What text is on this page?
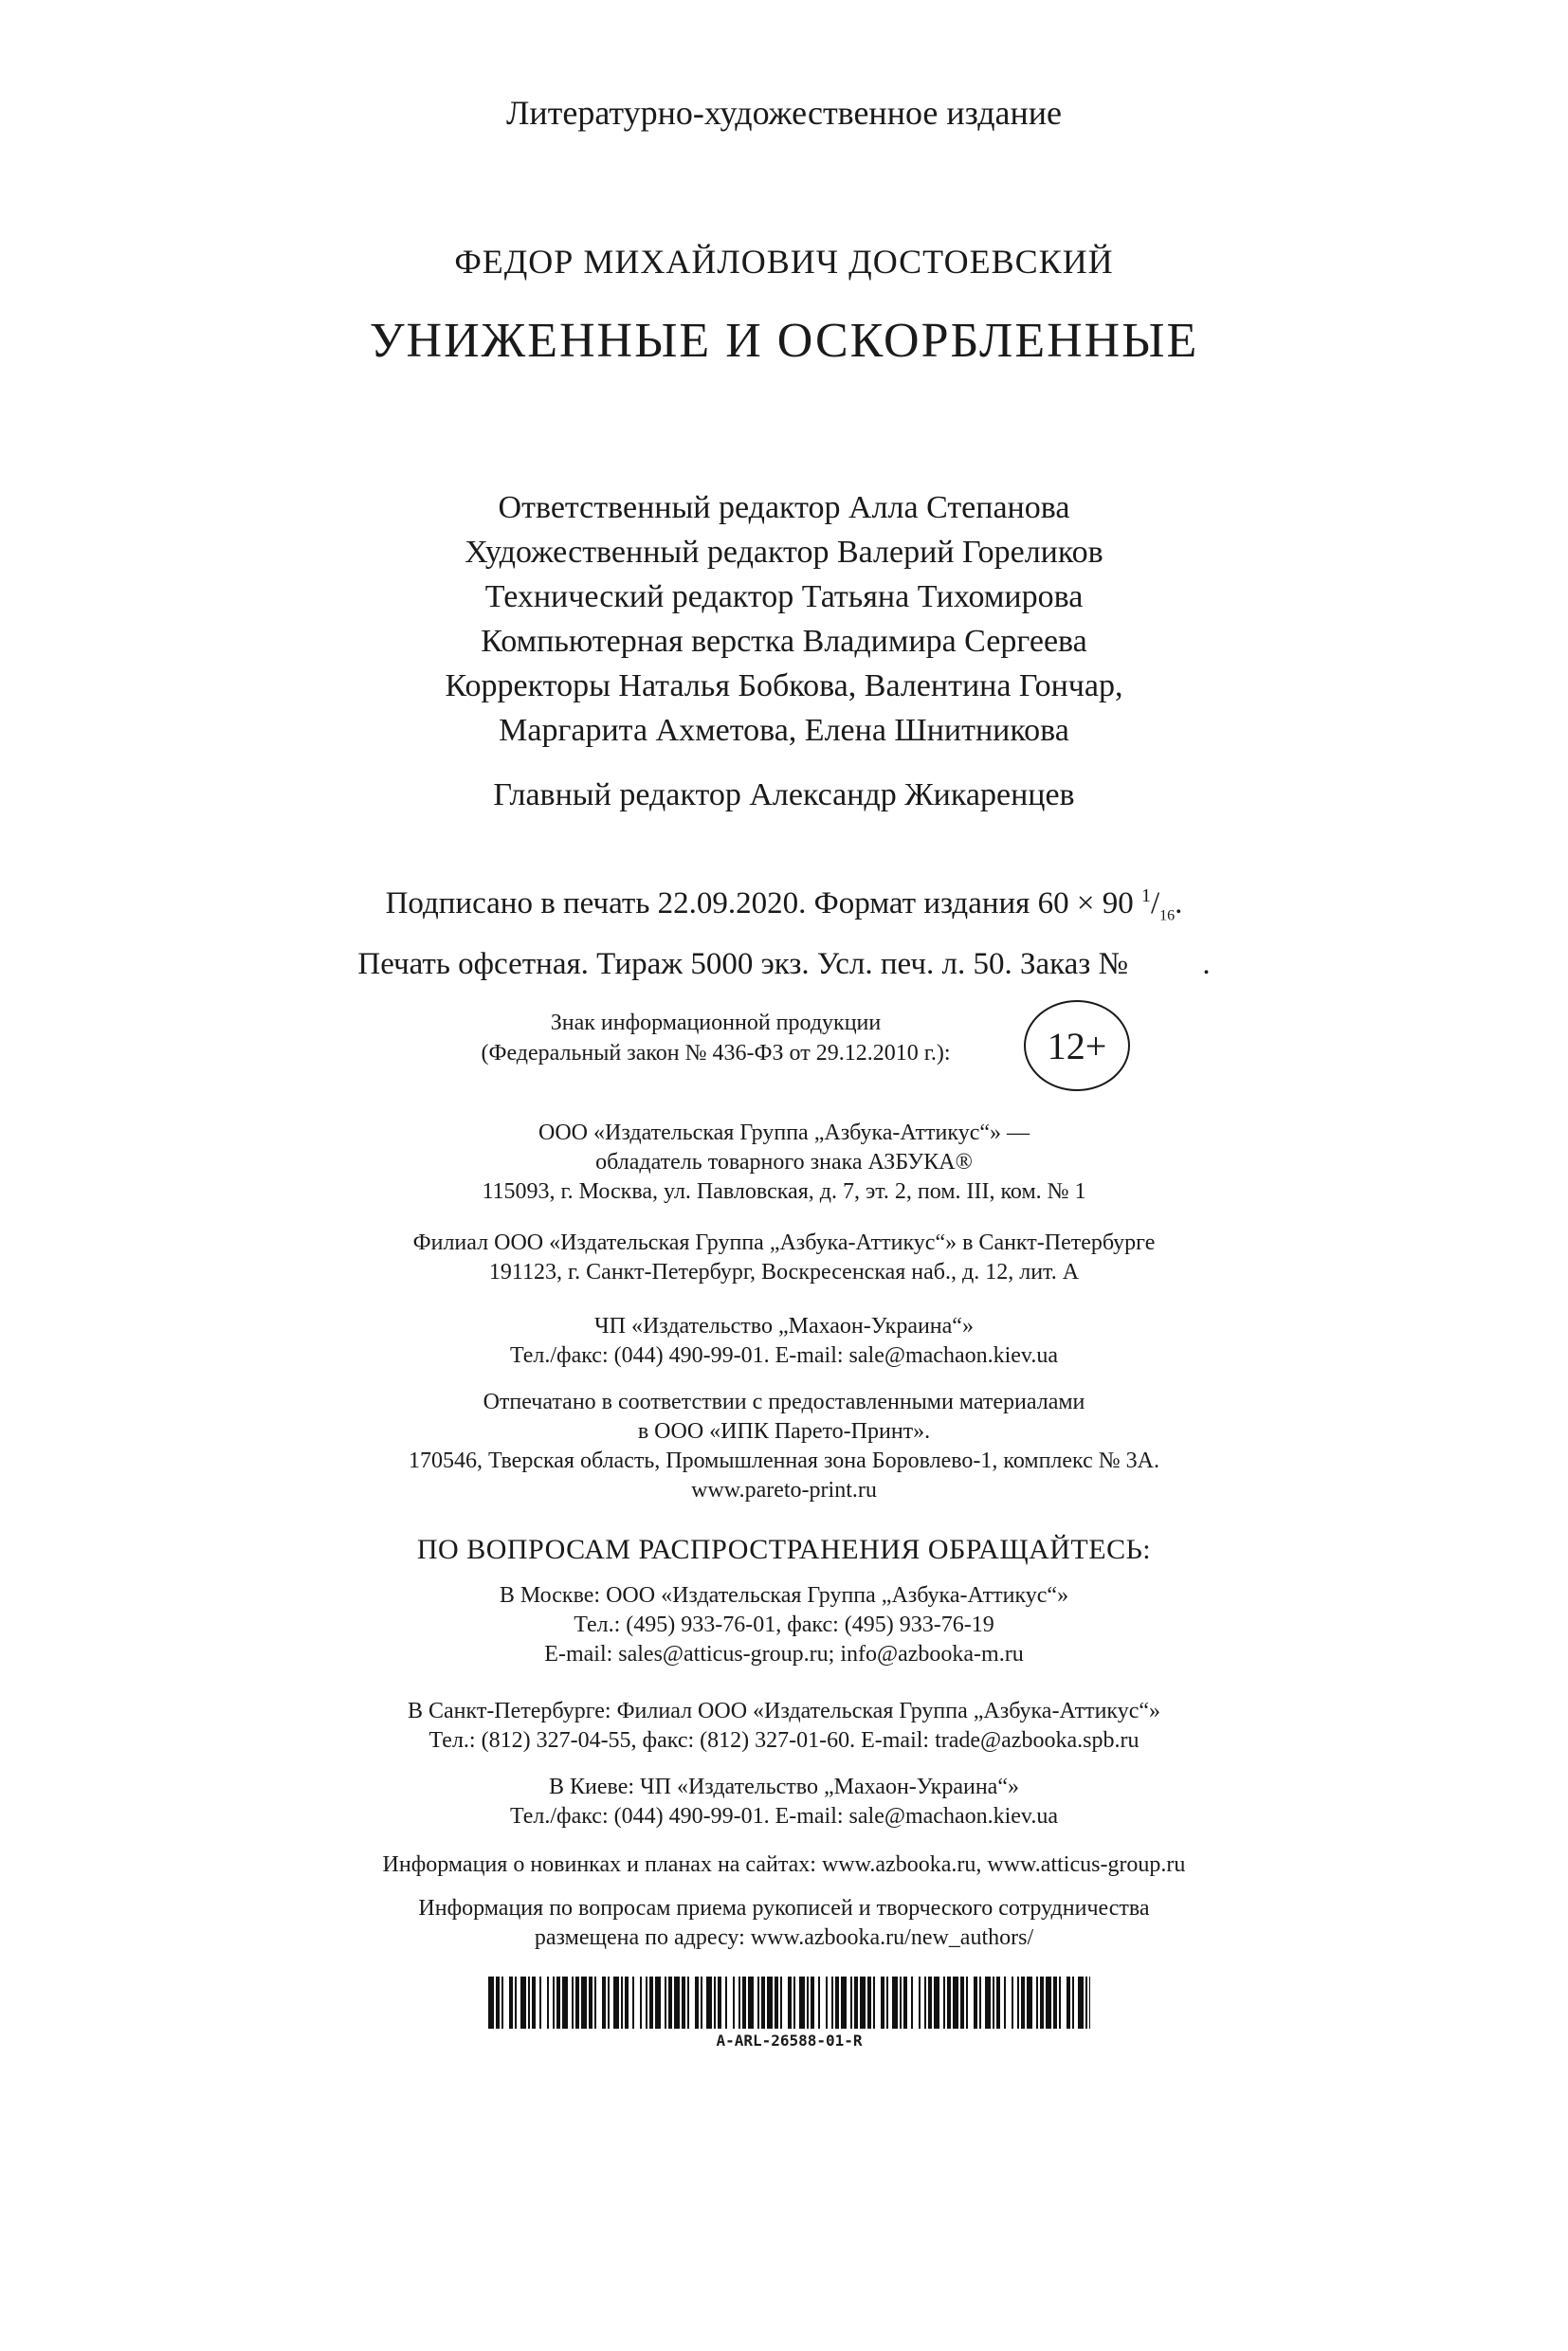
Литературно-художественное издание
ФЕДОР МИХАЙЛОВИЧ ДОСТОЕВСКИЙ
УНИЖЕННЫЕ И ОСКОРБЛЕННЫЕ
Ответственный редактор Алла Степанова
Художественный редактор Валерий Гореликов
Технический редактор Татьяна Тихомирова
Компьютерная верстка Владимира Сергеева
Корректоры Наталья Бобкова, Валентина Гончар,
Маргарита Ахметова, Елена Шнитникова
Главный редактор Александр Жикаренцев
Подписано в печать 22.09.2020. Формат издания 60 × 90 $^1/_{16}$.
Печать офсетная. Тираж 5000 экз. Усл. печ. л. 50. Заказ № .
Знак информационной продукции
(Федеральный закон № 436-ФЗ от 29.12.2010 г.):	12+
ООО «Издательская Группа „Азбука-Аттикус“» —
обладатель товарного знака АЗБУКА®
115093, г. Москва, ул. Павловская, д. 7, эт. 2, пом. III, ком. № 1
Филиал ООО «Издательская Группа „Азбука-Аттикус“» в Санкт-Петербурге
191123, г. Санкт-Петербург, Воскресенская наб., д. 12, лит. А
ЧП «Издательство „Махаон-Украина“»
Тел./факс: (044) 490-99-01. E-mail: sale@machaon.kiev.ua
Отпечатано в соответствии с предоставленными материалами
в ООО «ИПК Парето-Принт».
170546, Тверская область, Промышленная зона Боровлево-1, комплекс № 3А.
www.pareto-print.ru
ПО ВОПРОСАМ РАСПРОСТРАНЕНИЯ ОБРАЩАЙТЕСЬ:
В Москве: ООО «Издательская Группа „Азбука-Аттикус“»
Тел.: (495) 933-76-01, факс: (495) 933-76-19
E-mail: sales@atticus-group.ru; info@azbooka-m.ru
В Санкт-Петербурге: Филиал ООО «Издательская Группа „Азбука-Аттикус“»
Тел.: (812) 327-04-55, факс: (812) 327-01-60. E-mail: trade@azbooka.spb.ru
В Киеве: ЧП «Издательство „Махаон-Украина“»
Тел./факс: (044) 490-99-01. E-mail: sale@machaon.kiev.ua
Информация о новинках и планах на сайтах: www.azbooka.ru, www.atticus-group.ru
Информация по вопросам приема рукописей и творческого сотрудничества
размещена по адресу: www.azbooka.ru/new_authors/
A-ARL-26588-01-R
